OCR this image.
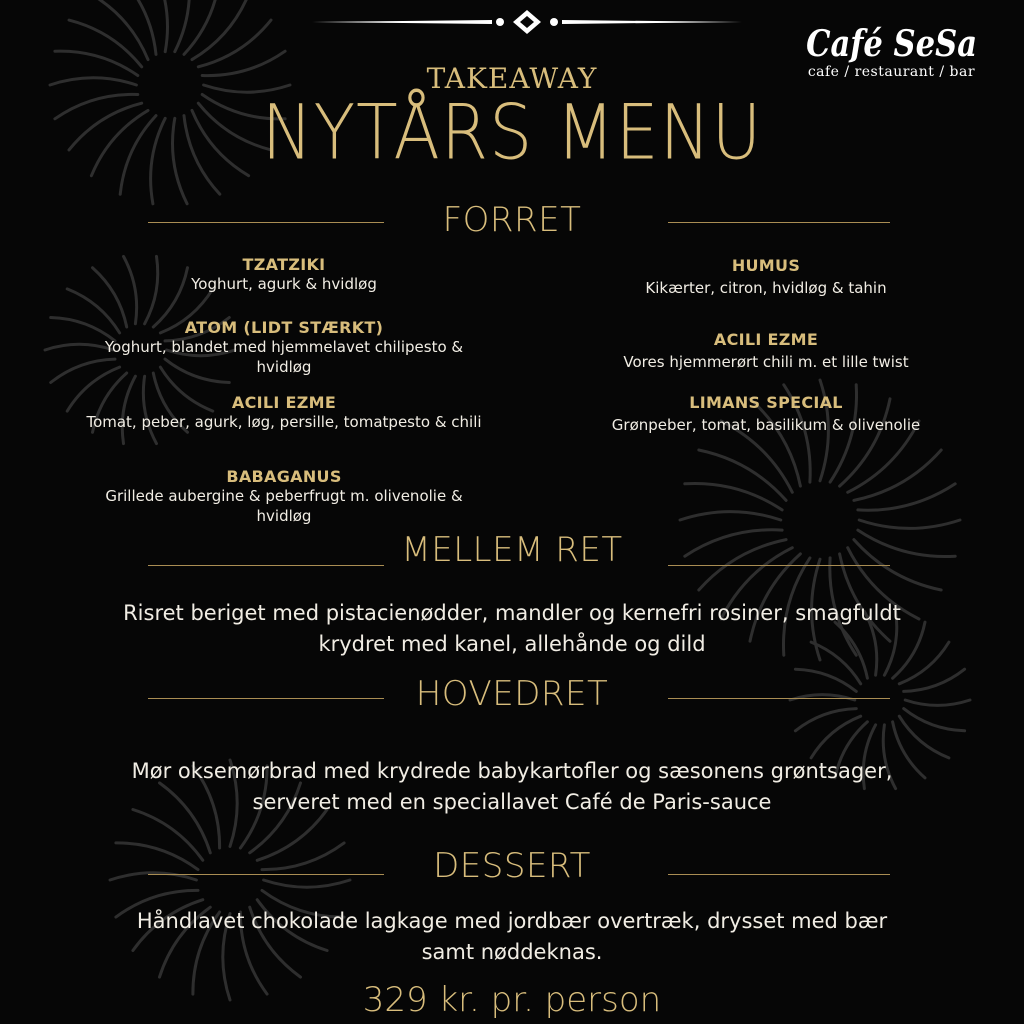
Café SeSa
cafe / restaurant / bar
TAKEAWAY
NYTÅRS MENU
FORRET
TZATZIKI
Yoghurt, agurk & hvidløg
ATOM (LIDT STÆRKT)
Yoghurt, blandet med hjemmelavet chilipesto & hvidløg
ACILI EZME
Tomat, peber, agurk, løg, persille, tomatpesto & chili
BABAGANUS
Grillede aubergine & peberfrugt m. olivenolie & hvidløg
HUMUS
Kikærter, citron, hvidløg & tahin
ACILI EZME
Vores hjemmerørt chili m. et lille twist
LIMANS SPECIAL
Grønpeber, tomat, basilikum & olivenolie
MELLEM RET
Risret beriget med pistacienødder, mandler og kernefri rosiner, smagfuldt krydret med kanel, allehånde og dild
HOVEDRET
Mør oksemørbrad med krydrede babykartofler og sæsonens grøntsager, serveret med en speciallavet Café de Paris-sauce
DESSERT
Håndlavet chokolade lagkage med jordbær overtræk, drysset med bær samt nøddeknas.
329 kr. pr. person
